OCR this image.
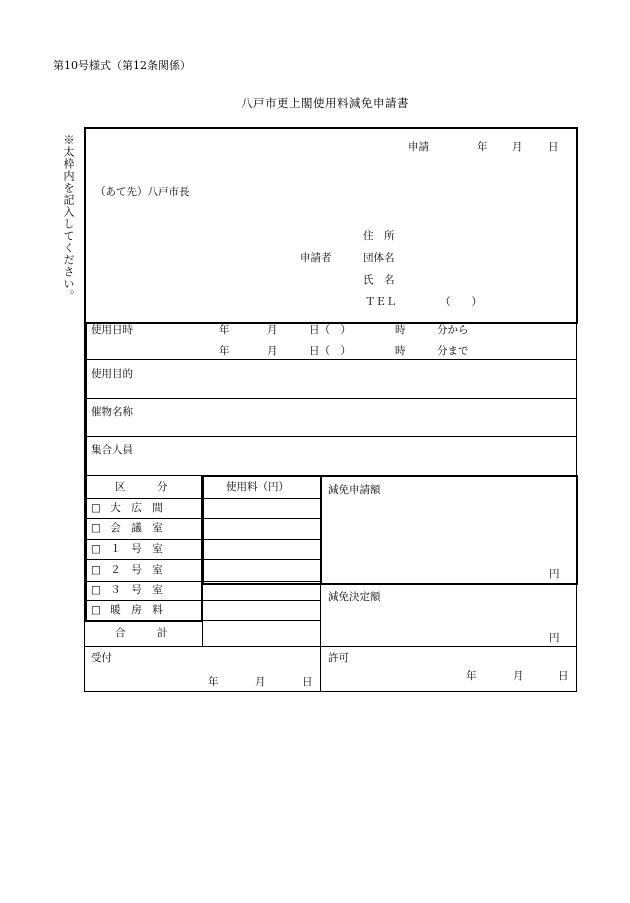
第10号様式（第12条関係）
八戸市更上閣使用料減免申請書
※太枠内を記入してください。	申請	年 月 日
（あて先）八戸市長
申請者
住　所
団体名
氏　名
ＴＥＬ	（　　）
使用日時	年	月	日（　）	時	分から
年	月	日（　）	時	分まで
使用目的
催物名称
集合人員
区　　　分	使用料（円）
□ 大　広　間
□ 会　議　室
□ １　号　室
□ ２　号　室
□ ３　号　室
□ 暖　房　料
合　　　計
減免申請額
円
減免決定額
円
受付
年	月	日
許可
年	月	日
